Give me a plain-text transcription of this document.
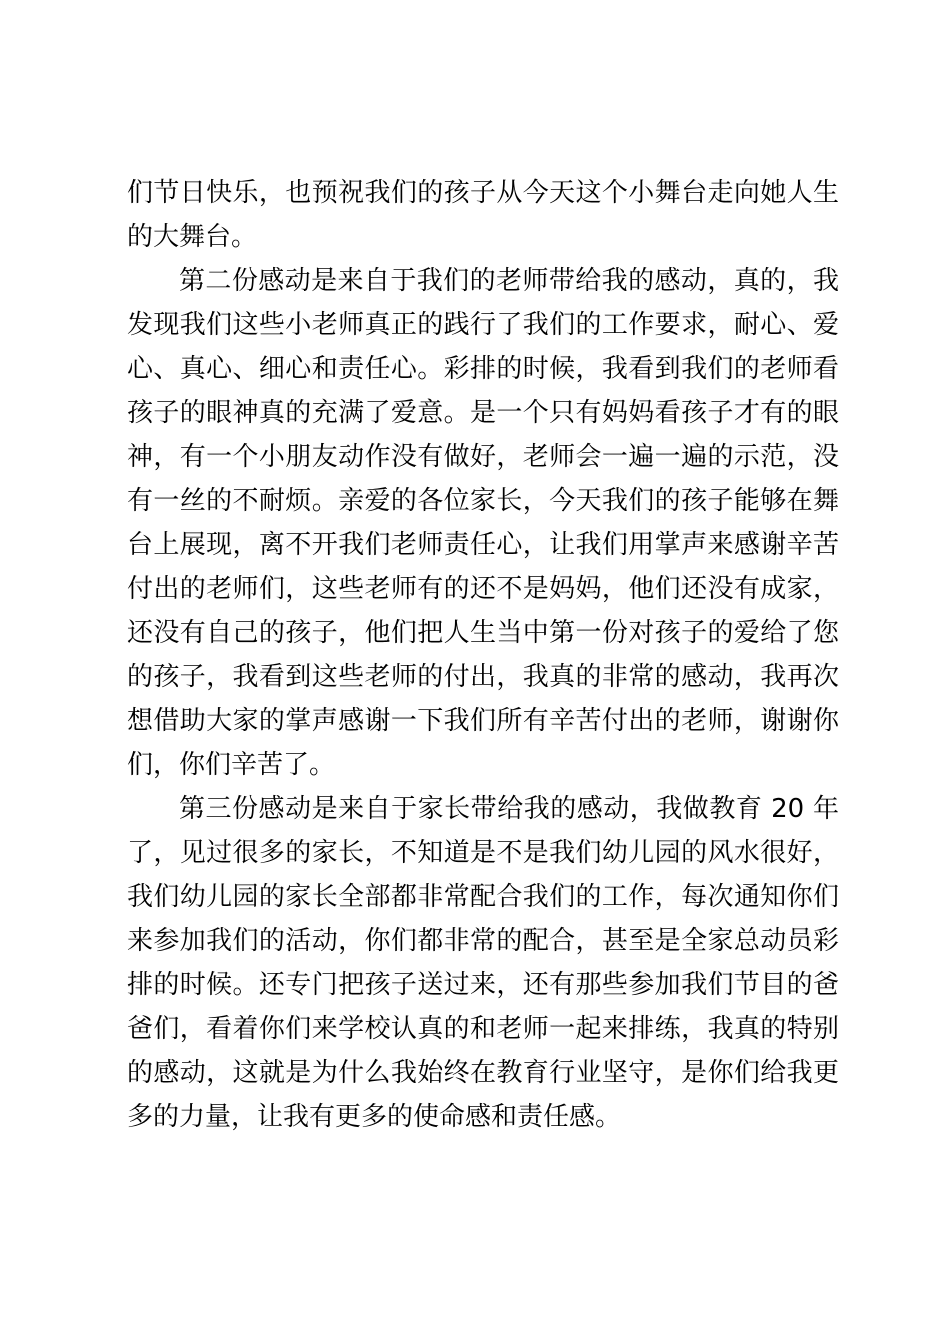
们节日快乐，也预祝我们的孩子从今天这个小舞台走向她人生
的大舞台。

第二份感动是来自于我们的老师带给我的感动，真的，我
发现我们这些小老师真正的践行了我们的工作要求，耐心、爱
心、真心、细心和责任心。彩排的时候，我看到我们的老师看
孩子的眼神真的充满了爱意。是一个只有妈妈看孩子才有的眼
神，有一个小朋友动作没有做好，老师会一遍一遍的示范，没
有一丝的不耐烦。亲爱的各位家长，今天我们的孩子能够在舞
台上展现，离不开我们老师责任心，让我们用掌声来感谢辛苦
付出的老师们，这些老师有的还不是妈妈，他们还没有成家，
还没有自己的孩子，他们把人生当中第一份对孩子的爱给了您
的孩子，我看到这些老师的付出，我真的非常的感动，我再次
想借助大家的掌声感谢一下我们所有辛苦付出的老师，谢谢你
们，你们辛苦了。

第三份感动是来自于家长带给我的感动，我做教育 20 年
了，见过很多的家长，不知道是不是我们幼儿园的风水很好，
我们幼儿园的家长全部都非常配合我们的工作，每次通知你们
来参加我们的活动，你们都非常的配合，甚至是全家总动员彩
排的时候。还专门把孩子送过来，还有那些参加我们节目的爸
爸们，看着你们来学校认真的和老师一起来排练，我真的特别
的感动，这就是为什么我始终在教育行业坚守，是你们给我更
多的力量，让我有更多的使命感和责任感。
